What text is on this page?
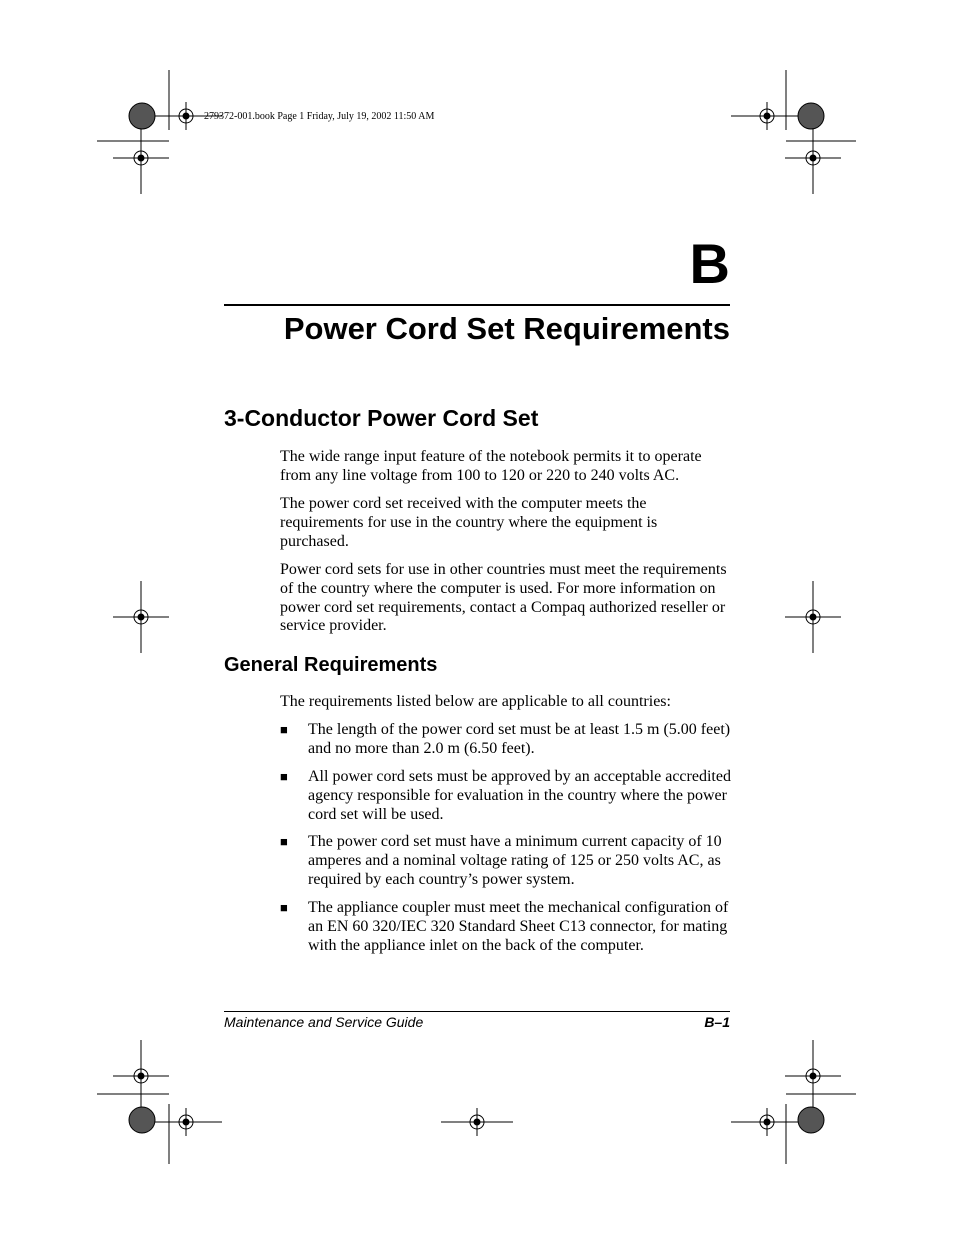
279372-001.book Page 1 Friday, July 19, 2002 11:50 AM
B
Power Cord Set Requirements
3-Conductor Power Cord Set
The wide range input feature of the notebook permits it to operate from any line voltage from 100 to 120 or 220 to 240 volts AC.
The power cord set received with the computer meets the requirements for use in the country where the equipment is purchased.
Power cord sets for use in other countries must meet the requirements of the country where the computer is used. For more information on power cord set requirements, contact a Compaq authorized reseller or service provider.
General Requirements
The requirements listed below are applicable to all countries:
■ The length of the power cord set must be at least 1.5 m (5.00 feet) and no more than 2.0 m (6.50 feet).
■ All power cord sets must be approved by an acceptable accredited agency responsible for evaluation in the country where the power cord set will be used.
■ The power cord set must have a minimum current capacity of 10 amperes and a nominal voltage rating of 125 or 250 volts AC, as required by each country’s power system.
■ The appliance coupler must meet the mechanical configuration of an EN 60 320/IEC 320 Standard Sheet C13 connector, for mating with the appliance inlet on the back of the computer.
Maintenance and Service Guide	B–1
